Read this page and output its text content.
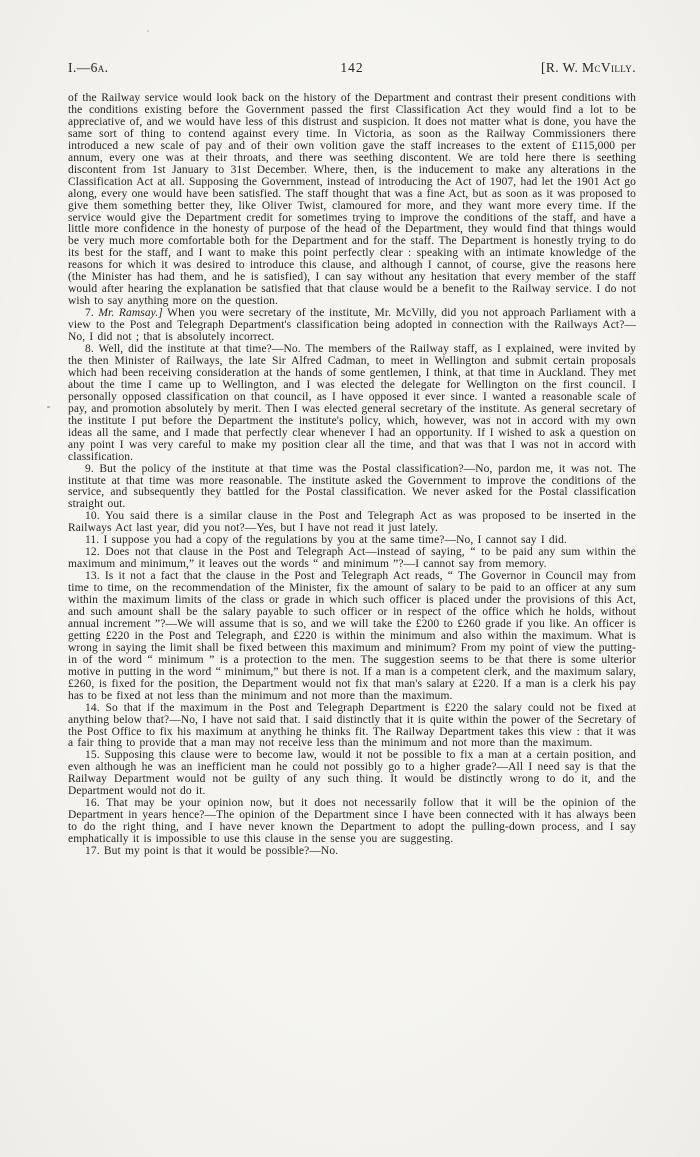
I.—6a.	142	[R. W. McVilly.

of the Railway service would look back on the history of the Department and contrast their present conditions with the conditions existing before the Government passed the first Classification Act they would find a lot to be appreciative of, and we would have less of this distrust and suspicion. It does not matter what is done, you have the same sort of thing to contend against every time. In Victoria, as soon as the Railway Commissioners there introduced a new scale of pay and of their own volition gave the staff increases to the extent of £115,000 per annum, every one was at their throats, and there was seething discontent. We are told here there is seething discontent from 1st January to 31st December. Where, then, is the inducement to make any alterations in the Classification Act at all. Supposing the Government, instead of introducing the Act of 1907, had let the 1901 Act go along, every one would have been satisfied. The staff thought that was a fine Act, but as soon as it was proposed to give them something better they, like Oliver Twist, clamoured for more, and they want more every time. If the service would give the Department credit for sometimes trying to improve the conditions of the staff, and have a little more confidence in the honesty of purpose of the head of the Department, they would find that things would be very much more comfortable both for the Department and for the staff. The Department is honestly trying to do its best for the staff, and I want to make this point perfectly clear : speaking with an intimate knowledge of the reasons for which it was desired to introduce this clause, and although I cannot, of course, give the reasons here (the Minister has had them, and he is satisfied), I can say without any hesitation that every member of the staff would after hearing the explanation be satisfied that that clause would be a benefit to the Railway service. I do not wish to say anything more on the question.

7. Mr. Ramsay.] When you were secretary of the institute, Mr. McVilly, did you not approach Parliament with a view to the Post and Telegraph Department's classification being adopted in connection with the Railways Act?—No, I did not ; that is absolutely incorrect.

8. Well, did the institute at that time?—No. The members of the Railway staff, as I explained, were invited by the then Minister of Railways, the late Sir Alfred Cadman, to meet in Wellington and submit certain proposals which had been receiving consideration at the hands of some gentlemen, I think, at that time in Auckland. They met about the time I came up to Wellington, and I was elected the delegate for Wellington on the first council. I personally opposed classification on that council, as I have opposed it ever since. I wanted a reasonable scale of pay, and promotion absolutely by merit. Then I was elected general secretary of the institute. As general secretary of the institute I put before the Department the institute's policy, which, however, was not in accord with my own ideas all the same, and I made that perfectly clear whenever I had an opportunity. If I wished to ask a question on any point I was very careful to make my position clear all the time, and that was that I was not in accord with classification.

9. But the policy of the institute at that time was the Postal classification?—No, pardon me, it was not. The institute at that time was more reasonable. The institute asked the Government to improve the conditions of the service, and subsequently they battled for the Postal classification. We never asked for the Postal classification straight out.

10. You said there is a similar clause in the Post and Telegraph Act as was proposed to be inserted in the Railways Act last year, did you not?—Yes, but I have not read it just lately.

11. I suppose you had a copy of the regulations by you at the same time?—No, I cannot say I did.

12. Does not that clause in the Post and Telegraph Act—instead of saying, “ to be paid any sum within the maximum and minimum,” it leaves out the words “ and minimum ”?—I cannot say from memory.

13. Is it not a fact that the clause in the Post and Telegraph Act reads, “ The Governor in Council may from time to time, on the recommendation of the Minister, fix the amount of salary to be paid to an officer at any sum within the maximum limits of the class or grade in which such officer is placed under the provisions of this Act, and such amount shall be the salary payable to such officer or in respect of the office which he holds, without annual increment ”?—We will assume that is so, and we will take the £200 to £260 grade if you like. An officer is getting £220 in the Post and Telegraph, and £220 is within the minimum and also within the maximum. What is wrong in saying the limit shall be fixed between this maximum and minimum? From my point of view the putting-in of the word “ minimum ” is a protection to the men. The suggestion seems to be that there is some ulterior motive in putting in the word “ minimum,” but there is not. If a man is a competent clerk, and the maximum salary, £260, is fixed for the position, the Department would not fix that man's salary at £220. If a man is a clerk his pay has to be fixed at not less than the minimum and not more than the maximum.

14. So that if the maximum in the Post and Telegraph Department is £220 the salary could not be fixed at anything below that?—No, I have not said that. I said distinctly that it is quite within the power of the Secretary of the Post Office to fix his maximum at anything he thinks fit. The Railway Department takes this view : that it was a fair thing to provide that a man may not receive less than the minimum and not more than the maximum.

15. Supposing this clause were to become law, would it not be possible to fix a man at a certain position, and even although he was an inefficient man he could not possibly go to a higher grade?—All I need say is that the Railway Department would not be guilty of any such thing. It would be distinctly wrong to do it, and the Department would not do it.

16. That may be your opinion now, but it does not necessarily follow that it will be the opinion of the Department in years hence?—The opinion of the Department since I have been connected with it has always been to do the right thing, and I have never known the Department to adopt the pulling-down process, and I say emphatically it is impossible to use this clause in the sense you are suggesting.

17. But my point is that it would be possible?—No.
